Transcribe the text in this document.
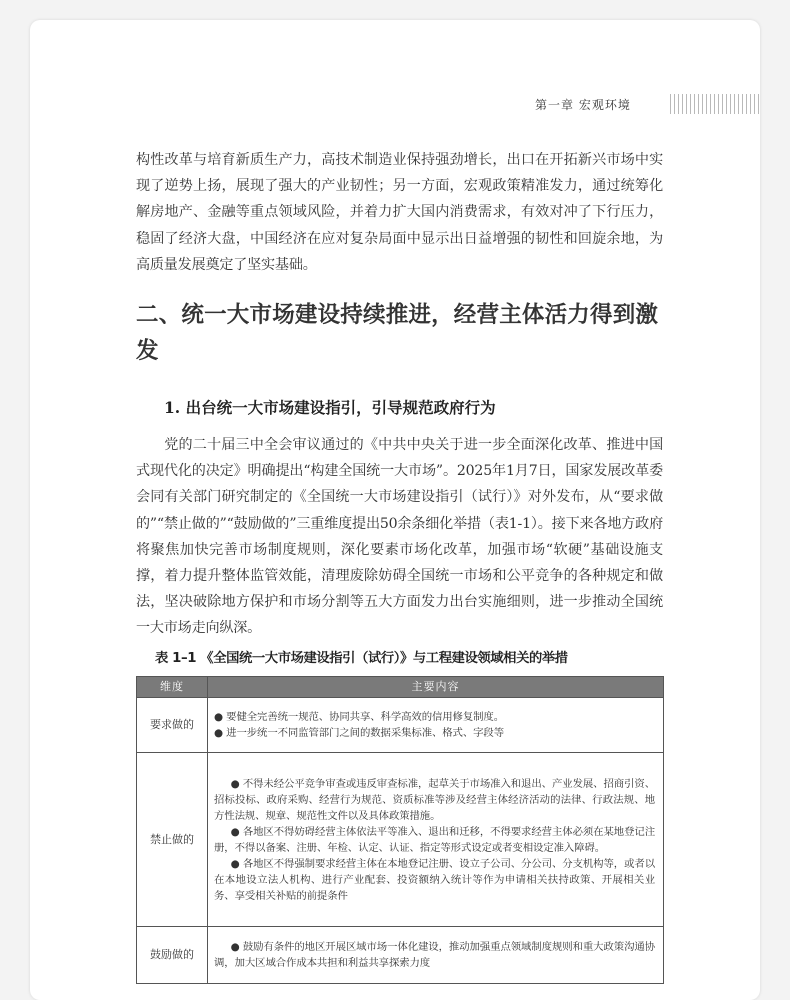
第一章 宏观环境

构性改革与培育新质生产力，高技术制造业保持强劲增长，出口在开拓新兴市场中实现了逆势上扬，展现了强大的产业韧性；另一方面，宏观政策精准发力，通过统筹化解房地产、金融等重点领域风险，并着力扩大国内消费需求，有效对冲了下行压力，稳固了经济大盘，中国经济在应对复杂局面中显示出日益增强的韧性和回旋余地，为高质量发展奠定了坚实基础。

二、统一大市场建设持续推进，经营主体活力得到激发
1. 出台统一大市场建设指引，引导规范政府行为

党的二十届三中全会审议通过的《中共中央关于进一步全面深化改革、推进中国式现代化的决定》明确提出“构建全国统一大市场”。2025年1月7日，国家发展改革委会同有关部门研究制定的《全国统一大市场建设指引（试行）》对外发布，从“要求做的”“禁止做的”“鼓励做的”三重维度提出50余条细化举措（表1-1）。接下来各地方政府将聚焦加快完善市场制度规则，深化要素市场化改革，加强市场“软硬”基础设施支撑，着力提升整体监管效能，清理废除妨碍全国统一市场和公平竞争的各种规定和做法，坚决破除地方保护和市场分割等五大方面发力出台实施细则，进一步推动全国统一大市场走向纵深。

表 1–1 《全国统一大市场建设指引（试行）》与工程建设领域相关的举措
维度	主要内容
要求做的	● 要健全完善统一规范、协同共享、科学高效的信用修复制度。

● 进一步统一不同监管部门之间的数据采集标准、格式、字段等

禁止做的	● 不得未经公平竞争审查或违反审查标准，起草关于市场准入和退出、产业发展、招商引资、招标投标、政府采购、经营行为规范、资质标准等涉及经营主体经济活动的法律、行政法规、地方性法规、规章、规范性文件以及具体政策措施。

● 各地区不得妨碍经营主体依法平等准入、退出和迁移，不得要求经营主体必须在某地登记注册，不得以备案、注册、年检、认定、认证、指定等形式设定或者变相设定准入障碍。

● 各地区不得强制要求经营主体在本地登记注册、设立子公司、分公司、分支机构等，或者以在本地设立法人机构、进行产业配套、投资额纳入统计等作为申请相关扶持政策、开展相关业务、享受相关补贴的前提条件

鼓励做的	● 鼓励有条件的地区开展区域市场一体化建设，推动加强重点领域制度规则和重大政策沟通协调，加大区域合作成本共担和利益共享探索力度
